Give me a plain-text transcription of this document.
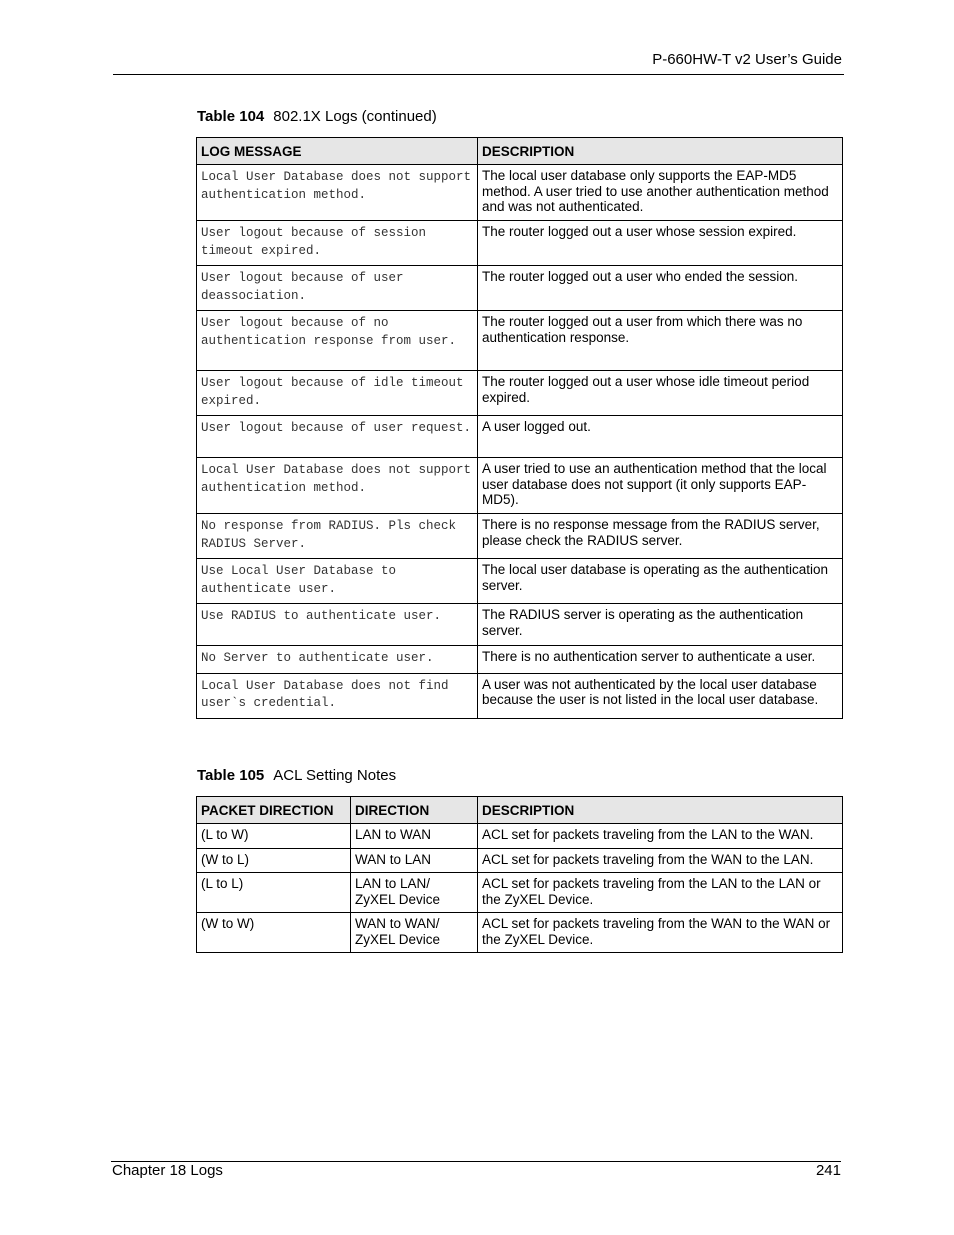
P-660HW-T v2 User’s Guide
Table 104 802.1X Logs (continued)
LOG MESSAGE	DESCRIPTION
Local User Database does not support authentication method.	The local user database only supports the EAP-MD5 method. A user tried to use another authentication method and was not authenticated.
User logout because of session timeout expired.	The router logged out a user whose session expired.
User logout because of user deassociation.	The router logged out a user who ended the session.
User logout because of no authentication response from user.	The router logged out a user from which there was no authentication response.
User logout because of idle timeout expired.	The router logged out a user whose idle timeout period expired.
User logout because of user request.	A user logged out.
Local User Database does not support authentication method.	A user tried to use an authentication method that the local user database does not support (it only supports EAP-MD5).
No response from RADIUS. Pls check RADIUS Server.	There is no response message from the RADIUS server, please check the RADIUS server.
Use Local User Database to authenticate user.	The local user database is operating as the authentication server.
Use RADIUS to authenticate user.	The RADIUS server is operating as the authentication server.
No Server to authenticate user.	There is no authentication server to authenticate a user.
Local User Database does not find user`s credential.	A user was not authenticated by the local user database because the user is not listed in the local user database.
Table 105 ACL Setting Notes
PACKET DIRECTION	DIRECTION	DESCRIPTION
(L to W)	LAN to WAN	ACL set for packets traveling from the LAN to the WAN.
(W to L)	WAN to LAN	ACL set for packets traveling from the WAN to the LAN.
(L to L)	LAN to LAN/ ZyXEL Device	ACL set for packets traveling from the LAN to the LAN or the ZyXEL Device.
(W to W)	WAN to WAN/ ZyXEL Device	ACL set for packets traveling from the WAN to the WAN or the ZyXEL Device.
Chapter 18 Logs	241
